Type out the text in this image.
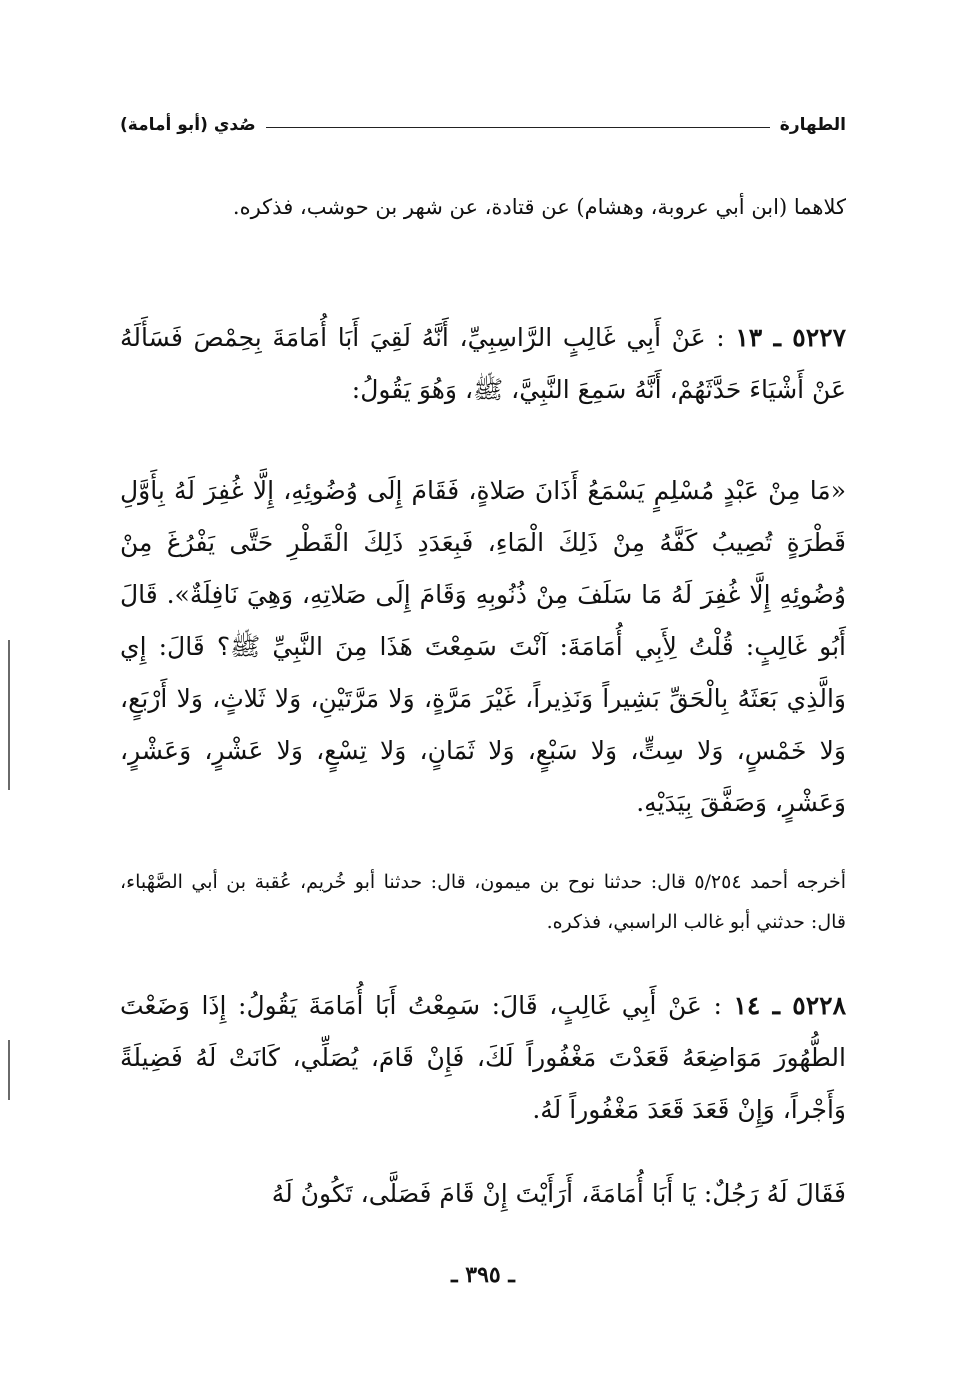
الطهارة
صُدي (أبو أمامة)

كلاهما (ابن أبي عروبة، وهشام) عن قتادة، عن شهر بن حوشب، فذكره.

٥٢٢٧ ـ ١٣ : عَنْ أَبِي غَالِبٍ الرَّاسِبِيِّ، أَنَّهُ لَقِيَ أَبَا أُمَامَةَ بِحِمْصَ فَسَأَلَهُ عَنْ أَشْيَاءَ حَدَّثَهُمْ، أَنَّهُ سَمِعَ النَّبِيَّ، ﷺ، وَهُوَ يَقُولُ:

«مَا مِنْ عَبْدٍ مُسْلِمٍ يَسْمَعُ أَذَانَ صَلاةٍ، فَقَامَ إِلَى وُضُوئِهِ، إِلَّا غُفِرَ لَهُ بِأَوَّلِ قَطْرَةٍ تُصِيبُ كَفَّهُ مِنْ ذَلِكَ الْمَاءِ، فَبِعَدَدِ ذَلِكَ الْقَطْرِ حَتَّى يَفْرُغَ مِنْ وُضُوئِهِ إِلَّا غُفِرَ لَهُ مَا سَلَفَ مِنْ ذُنُوبِهِ وَقَامَ إِلَى صَلاتِهِ، وَهِيَ نَافِلَةٌ». قَالَ أَبُو غَالِبٍ: قُلْتُ لِأَبِي أُمَامَةَ: آنْتَ سَمِعْتَ هَذَا مِنَ النَّبِيِّ ﷺ؟ قَالَ: إِي وَالَّذِي بَعَثَهُ بِالْحَقِّ بَشِيراً وَنَذِيراً، غَيْرَ مَرَّةٍ، وَلا مَرَّتَيْنِ، وَلا ثَلاثٍ، وَلا أَرْبَعٍ، وَلا خَمْسٍ، وَلا سِتٍّ، وَلا سَبْعٍ، وَلا ثَمَانٍ، وَلا تِسْعٍ، وَلا عَشْرٍ، وَعَشْرٍ، وَعَشْرٍ، وَصَفَّقَ بِيَدَيْهِ.

أخرجه أحمد ٥/٢٥٤ قال: حدثنا نوح بن ميمون، قال: حدثنا أبو خُريم، عُقبة بن أبي الصَّهْباء، قال: حدثني أبو غالب الراسبي، فذكره.

٥٢٢٨ ـ ١٤ : عَنْ أَبِي غَالِبٍ، قَالَ: سَمِعْتُ أَبَا أُمَامَةَ يَقُولُ: إِذَا وَضَعْتَ الطُّهُورَ مَوَاضِعَهُ قَعَدْتَ مَغْفُوراً لَكَ، فَإِنْ قَامَ، يُصَلِّي، كَانَتْ لَهُ فَضِيلَةً وَأَجْراً، وَإِنْ قَعَدَ قَعَدَ مَغْفُوراً لَهُ.

فَقَالَ لَهُ رَجُلٌ: يَا أَبَا أُمَامَةَ، أَرَأَيْتَ إِنْ قَامَ فَصَلَّى، تَكُونُ لَهُ

ـ ٣٩٥ ـ
